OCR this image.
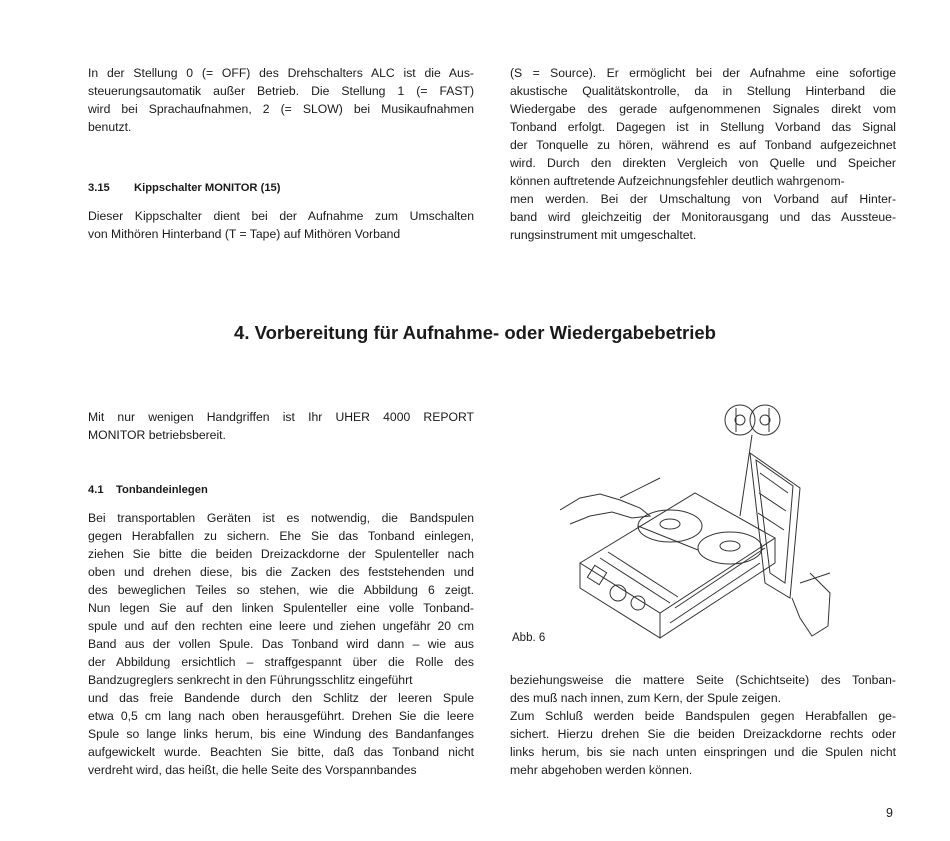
In der Stellung 0 (= OFF) des Drehschalters ALC ist die Aus-
steuerungsautomatik außer Betrieb. Die Stellung 1 (= FAST)
wird bei Sprachaufnahmen, 2 (= SLOW) bei Musikaufnahmen
benutzt.

3.15 Kippschalter MONITOR (15)

Dieser Kippschalter dient bei der Aufnahme zum Umschalten
von Mithören Hinterband (T = Tape) auf Mithören Vorband

(S = Source). Er ermöglicht bei der Aufnahme eine sofortige
akustische Qualitätskontrolle, da in Stellung Hinterband die
Wiedergabe des gerade aufgenommenen Signales direkt vom
Tonband erfolgt. Dagegen ist in Stellung Vorband das Signal
der Tonquelle zu hören, während es auf Tonband aufgezeichnet
wird. Durch den direkten Vergleich von Quelle und Speicher
können auftretende Aufzeichnungsfehler deutlich wahrgenom-
men werden. Bei der Umschaltung von Vorband auf Hinter-
band wird gleichzeitig der Monitorausgang und das Aussteue-
rungsinstrument mit umgeschaltet.

4. Vorbereitung für Aufnahme- oder Wiedergabebetrieb

Mit nur wenigen Handgriffen ist Ihr UHER 4000 REPORT
MONITOR betriebsbereit.

4.1 Tonbandeinlegen

Bei transportablen Geräten ist es notwendig, die Bandspulen
gegen Herabfallen zu sichern. Ehe Sie das Tonband einlegen,
ziehen Sie bitte die beiden Dreizackdorne der Spulenteller nach
oben und drehen diese, bis die Zacken des feststehenden und
des beweglichen Teiles so stehen, wie die Abbildung 6 zeigt.
Nun legen Sie auf den linken Spulenteller eine volle Tonband-
spule und auf den rechten eine leere und ziehen ungefähr 20 cm
Band aus der vollen Spule. Das Tonband wird dann – wie aus
der Abbildung ersichtlich – straffgespannt über die Rolle des
Bandzugreglers senkrecht in den Führungsschlitz eingeführt
und das freie Bandende durch den Schlitz der leeren Spule
etwa 0,5 cm lang nach oben herausgeführt. Drehen Sie die leere
Spule so lange links herum, bis eine Windung des Bandanfanges
aufgewickelt wurde. Beachten Sie bitte, daß das Tonband nicht
verdreht wird, das heißt, die helle Seite des Vorspannbandes

Abb. 6

beziehungsweise die mattere Seite (Schichtseite) des Tonban-
des muß nach innen, zum Kern, der Spule zeigen.
Zum Schluß werden beide Bandspulen gegen Herabfallen ge-
sichert. Hierzu drehen Sie die beiden Dreizackdorne rechts oder
links herum, bis sie nach unten einspringen und die Spulen nicht
mehr abgehoben werden können.

9
